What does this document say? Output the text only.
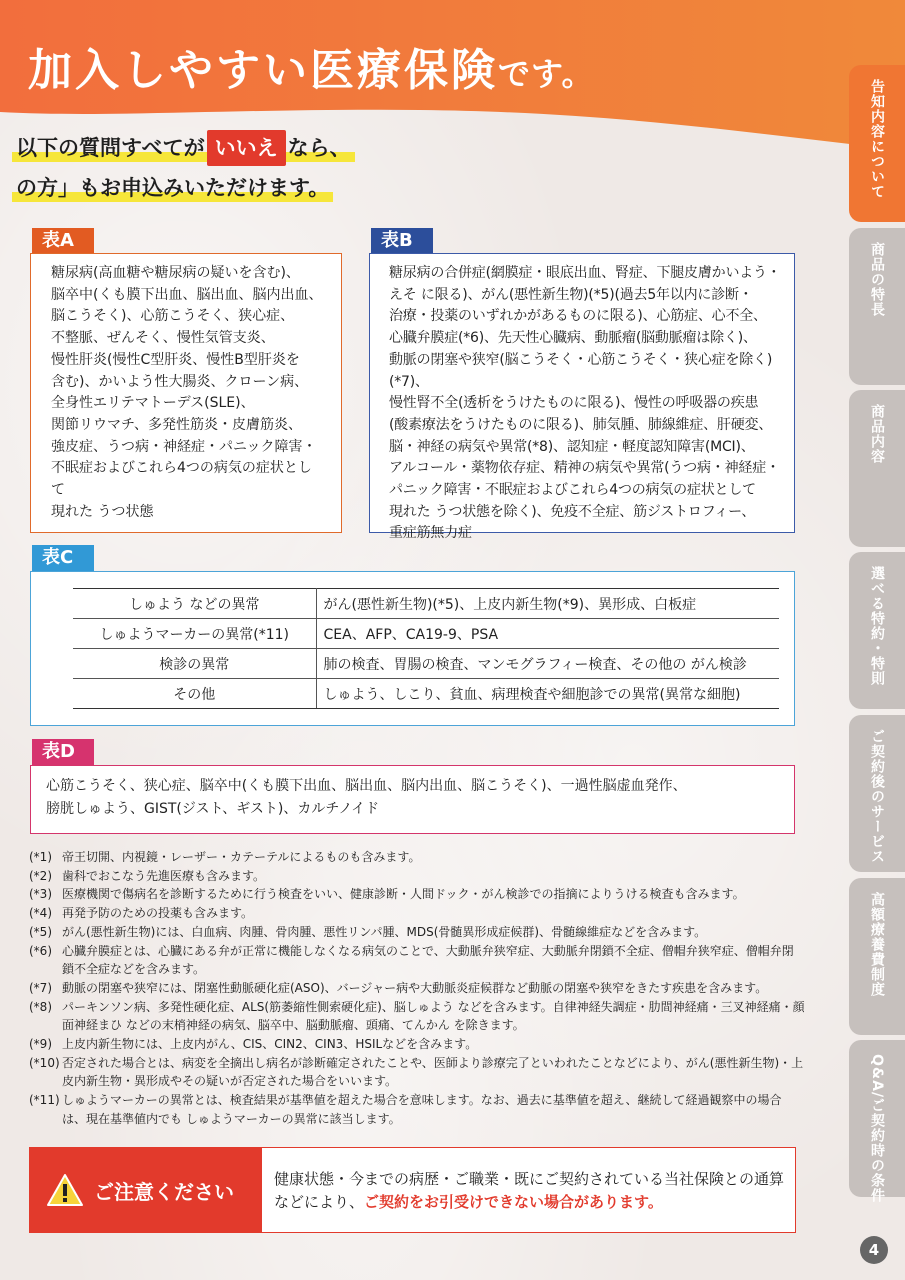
加入しやすい医療保険です。
以下の質問すべてが いいえ なら、
の方」もお申込みいただけます。
表A
糖尿病(高血糖や糖尿病の疑いを含む)、
脳卒中(くも膜下出血、脳出血、脳内出血、
脳こうそく)、心筋こうそく、狭心症、
不整脈、ぜんそく、慢性気管支炎、
慢性肝炎(慢性C型肝炎、慢性B型肝炎を
含む)、かいよう性大腸炎、クローン病、
全身性エリテマトーデス(SLE)、
関節リウマチ、多発性筋炎・皮膚筋炎、
強皮症、うつ病・神経症・パニック障害・
不眠症およびこれら4つの病気の症状とし て
現れた うつ状態
表B
糖尿病の合併症(網膜症・眼底出血、腎症、下腿皮膚かいよう・
えそ に限る)、がん(悪性新生物)(*5)(過去5年以内に診断・
治療・投薬のいずれかがあるものに限る)、心筋症、心不全、
心臓弁膜症(*6)、先天性心臓病、動脈瘤(脳動脈瘤は除く)、
動脈の閉塞や狭窄(脳こうそく・心筋こうそく・狭心症を除く)(*7)、
慢性腎不全(透析をうけたものに限る)、慢性の呼吸器の疾患
(酸素療法をうけたものに限る)、肺気腫、肺線維症、肝硬変、
脳・神経の病気や異常(*8)、認知症・軽度認知障害(MCI)、
アルコール・薬物依存症、精神の病気や異常(うつ病・神経症・
パニック障害・不眠症およびこれら4つの病気の症状として
現れた うつ状態を除く)、免疫不全症、筋ジストロフィー、
重症筋無力症
表C
しゅよう などの異常	がん(悪性新生物)(*5)、上皮内新生物(*9)、異形成、白板症
しゅようマーカーの異常(*11)	CEA、AFP、CA19-9、PSA
検診の異常	肺の検査、胃腸の検査、マンモグラフィー検査、その他の がん検診
その他	しゅよう、しこり、貧血、病理検査や細胞診での異常(異常な細胞)
表D
心筋こうそく、狭心症、脳卒中(くも膜下出血、脳出血、脳内出血、脳こうそく)、一過性脳虚血発作、
膀胱しゅよう、GIST(ジスト、ギスト)、カルチノイド
(*1) 帝王切開、内視鏡・レーザー・カテーテルによるものも含みます。
(*2) 歯科でおこなう先進医療も含みます。
(*3) 医療機関で傷病名を診断するために行う検査をいい、健康診断・人間ドック・がん検診での指摘によりうける検査も含みます。
(*4) 再発予防のための投薬も含みます。
(*5) がん(悪性新生物)には、白血病、肉腫、骨肉腫、悪性リンパ腫、MDS(骨髄異形成症候群)、骨髄線維症などを含みます。
(*6) 心臓弁膜症とは、心臓にある弁が正常に機能しなくなる病気のことで、大動脈弁狭窄症、大動脈弁閉鎖不全症、僧帽弁狭窄症、僧帽弁閉鎖不全症などを含みます。
(*7) 動脈の閉塞や狭窄には、閉塞性動脈硬化症(ASO)、バージャー病や大動脈炎症候群など動脈の閉塞や狭窄をきたす疾患を含みます。
(*8) パーキンソン病、多発性硬化症、ALS(筋萎縮性側索硬化症)、脳しゅよう などを含みます。自律神経失調症・肋間神経痛・三叉神経痛・顔面神経まひ などの末梢神経の病気、脳卒中、脳動脈瘤、頭痛、てんかん を除きます。
(*9) 上皮内新生物には、上皮内がん、CIS、CIN2、CIN3、HSILなどを含みます。
(*10) 否定された場合とは、病変を全摘出し病名が診断確定されたことや、医師より診療完了といわれたことなどにより、がん(悪性新生物)・上皮内新生物・異形成やその疑いが否定された場合をいいます。
(*11) しゅようマーカーの異常とは、検査結果が基準値を超えた場合を意味します。なお、過去に基準値を超え、継続して経過観察中の場合は、現在基準値内でも しゅようマーカーの異常に該当します。
ご注意ください
健康状態・今までの病歴・ご職業・既にご契約されている当社保険との通算
などにより、ご契約をお引受けできない場合があります。
告知内容について
商品の特長
商品内容
選べる特約・特則
ご契約後のサービス
高額療養費制度
Q&A/ご契約時の条件
4
